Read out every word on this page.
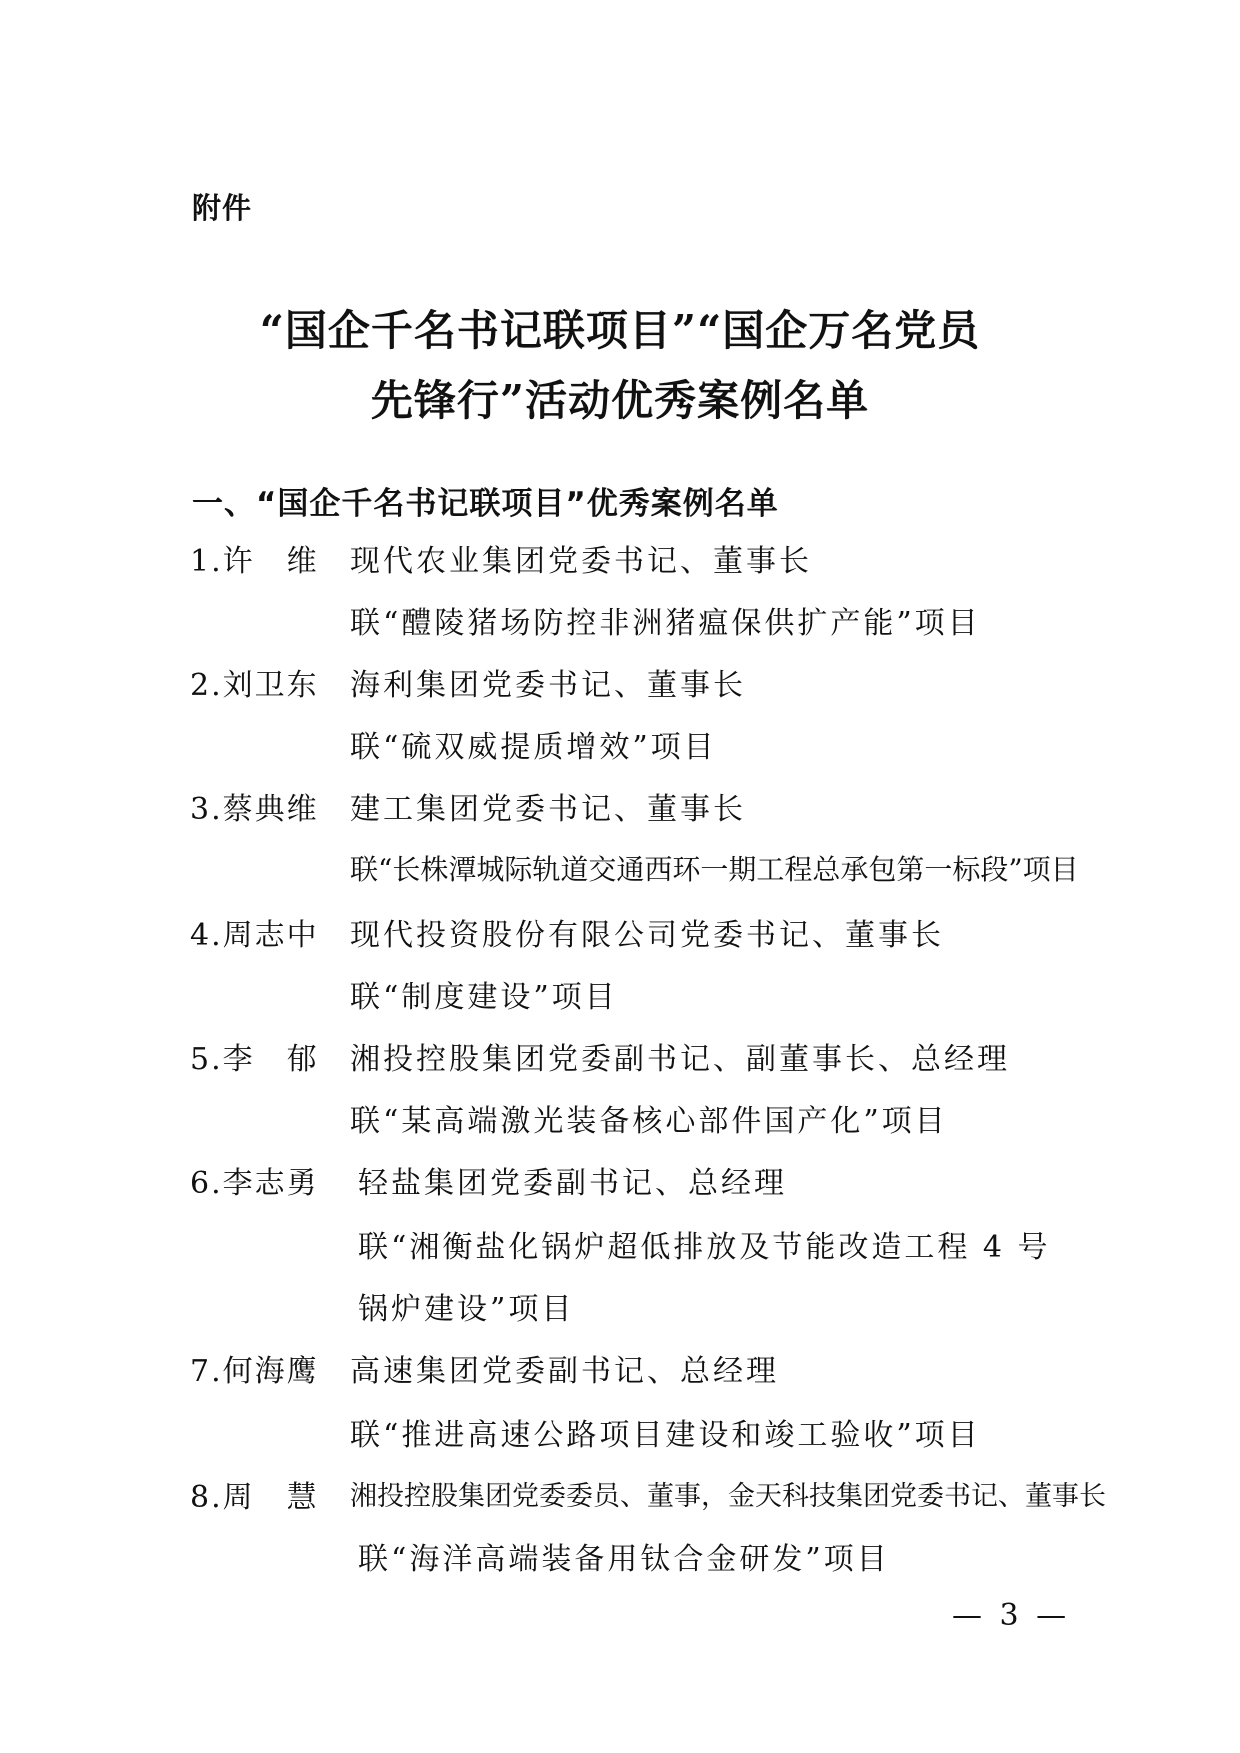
附件
“国企千名书记联项目”“国企万名党员
先锋行”活动优秀案例名单
一、“国企千名书记联项目”优秀案例名单
1.许　维 现代农业集团党委书记、董事长
联“醴陵猪场防控非洲猪瘟保供扩产能”项目
2.刘卫东 海利集团党委书记、董事长
联“硫双威提质增效”项目
3.蔡典维 建工集团党委书记、董事长
联“长株潭城际轨道交通西环一期工程总承包第一标段”项目
4.周志中 现代投资股份有限公司党委书记、董事长
联“制度建设”项目
5.李　郁 湘投控股集团党委副书记、副董事长、总经理
联“某高端激光装备核心部件国产化”项目
6.李志勇 轻盐集团党委副书记、总经理
联“湘衡盐化锅炉超低排放及节能改造工程 4 号
锅炉建设”项目
7.何海鹰 高速集团党委副书记、总经理
联“推进高速公路项目建设和竣工验收”项目
8.周　慧 湘投控股集团党委委员、董事，金天科技集团党委书记、董事长
联“海洋高端装备用钛合金研发”项目
— 3 —
